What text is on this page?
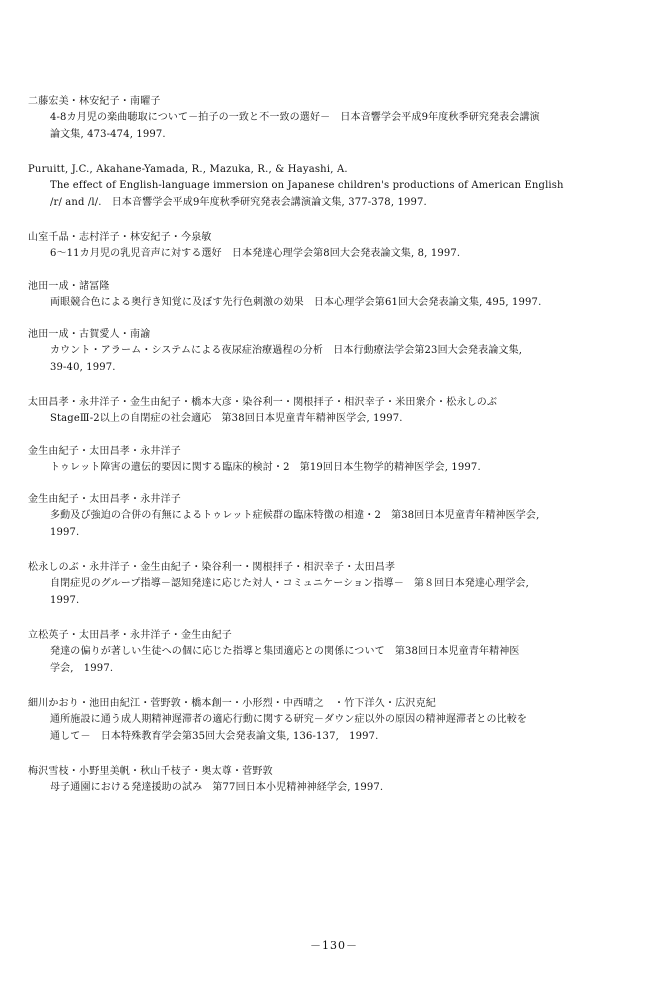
二藤宏美・林安紀子・南曜子
4-8カ月児の楽曲聴取について－拍子の一致と不一致の選好－　日本音響学会平成9年度秋季研究発表会講演
論文集, 473-474, 1997.
Puruitt, J.C., Akahane-Yamada, R., Mazuka, R., & Hayashi, A.
The effect of English-language immersion on Japanese children's productions of American English
/r/ and /l/.　日本音響学会平成9年度秋季研究発表会講演論文集, 377-378, 1997.
山室千晶・志村洋子・林安紀子・今泉敏
6～11カ月児の乳児音声に対する選好　日本発達心理学会第8回大会発表論文集, 8, 1997.
池田一成・諸冨隆
両眼競合色による奥行き知覚に及ぼす先行色刺激の効果　日本心理学会第61回大会発表論文集, 495, 1997.
池田一成・古賀愛人・南諭
カウント・アラーム・システムによる夜尿症治療過程の分析　日本行動療法学会第23回大会発表論文集,
39-40, 1997.
太田昌孝・永井洋子・金生由紀子・橋本大彦・染谷利一・関根拝子・相沢幸子・米田衆介・松永しのぶ
StageⅢ-2以上の自閉症の社会適応　第38回日本児童青年精神医学会, 1997.
金生由紀子・太田昌孝・永井洋子
トゥレット障害の遺伝的要因に関する臨床的検討・2　第19回日本生物学的精神医学会, 1997.
金生由紀子・太田昌孝・永井洋子
多動及び強迫の合併の有無によるトゥレット症候群の臨床特徴の相違・2　第38回日本児童青年精神医学会,
1997.
松永しのぶ・永井洋子・金生由紀子・染谷利一・関根拝子・相沢幸子・太田昌孝
自閉症児のグループ指導－認知発達に応じた対人・コミュニケーション指導－　第８回日本発達心理学会,
1997.
立松英子・太田昌孝・永井洋子・金生由紀子
発達の偏りが著しい生徒への個に応じた指導と集団適応との関係について　第38回日本児童青年精神医
学会,　1997.
細川かおり・池田由紀江・菅野敦・橋本創一・小形烈・中西晴之　・竹下洋久・広沢克紀
通所施設に通う成人期精神遅滞者の適応行動に関する研究－ダウン症以外の原因の精神遅滞者との比較を
通して－　日本特殊教育学会第35回大会発表論文集, 136-137,　1997.
梅沢雪枝・小野里美帆・秋山千枝子・奥太尊・菅野敦
母子通園における発達援助の試み　第77回日本小児精神神経学会, 1997.
－130－
